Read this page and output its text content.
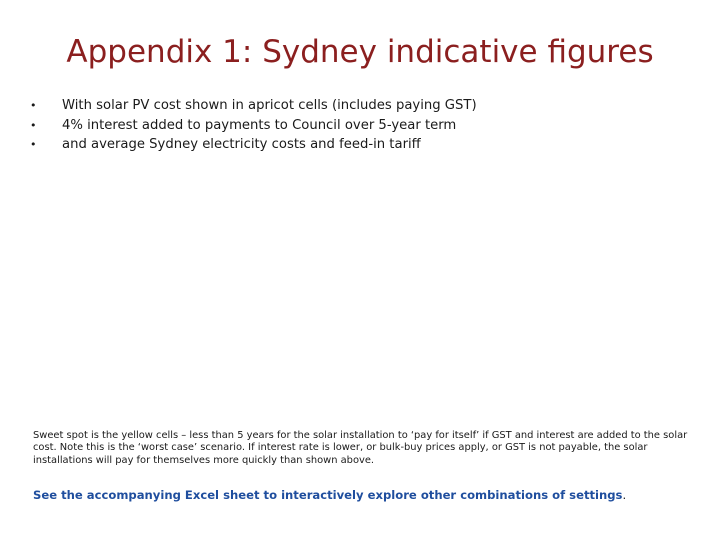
Appendix 1: Sydney indicative figures
•	With solar PV cost shown in apricot cells (includes paying GST)
•	4% interest added to payments to Council over 5-year term
•	and average Sydney electricity costs and feed-in tariff

Sweet spot is the yellow cells – less than 5 years for the solar installation to ‘pay for itself’ if GST and interest are added to the solar cost. Note this is the ‘worst case’ scenario. If interest rate is lower, or bulk-buy prices apply, or GST is not payable, the solar installations will pay for themselves more quickly than shown above.

See the accompanying Excel sheet to interactively explore other combinations of settings.
